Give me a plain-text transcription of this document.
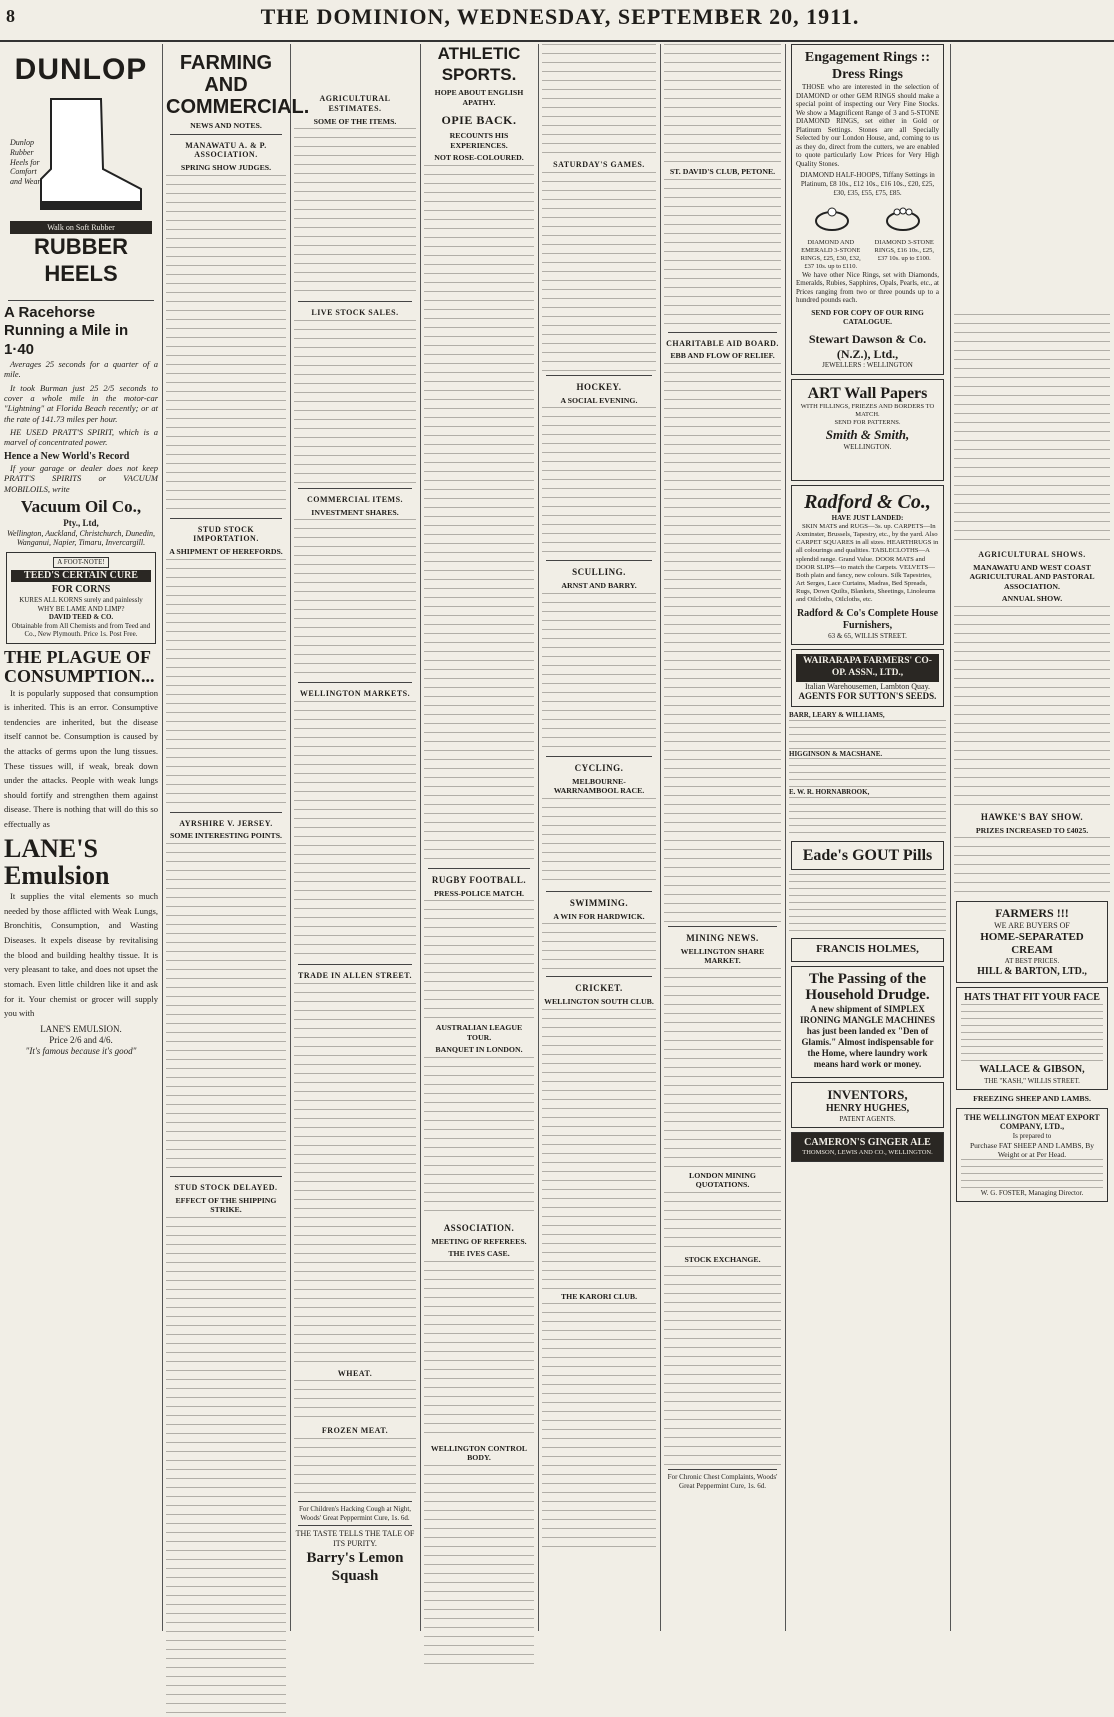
8	THE DOMINION, WEDNESDAY, SEPTEMBER 20, 1911.
DUNLOP
Dunlop Rubber Heels for Comfort and Wear.
Walk on Soft Rubber
RUBBER HEELS
A Racehorse Running a Mile in 1·40

Averages 25 seconds for a quarter of a mile.

It took Burman just 25 2/5 seconds to cover a whole mile in the motor-car "Lightning" at Florida Beach recently; or at the rate of 141.73 miles per hour.

HE USED PRATT'S SPIRIT, which is a marvel of concentrated power.

Hence a New World's Record

If your garage or dealer does not keep PRATT'S SPIRITS or VACUUM MOBILOILS, write

Vacuum Oil Co.,
Pty., Ltd,

Wellington, Auckland, Christchurch, Dunedin, Wanganui, Napier, Timaru, Invercargill.

A FOOT-NOTE!
TEED'S CERTAIN CURE
FOR CORNS
KURES ALL KORNS surely and painlessly WHY BE LAME AND LIMP?
DAVID TEED & CO.
Obtainable from All Chemists and from Teed and Co., New Plymouth. Price 1s. Post Free.
THE PLAGUE OF CONSUMPTION...

It is popularly supposed that consumption is inherited. This is an error. Consumptive tendencies are inherited, but the disease itself cannot be. Consumption is caused by the attacks of germs upon the lung tissues. These tissues will, if weak, break down under the attacks. People with weak lungs should fortify and strengthen them against disease. There is nothing that will do this so effectually as

LANE'S Emulsion

It supplies the vital elements so much needed by those afflicted with Weak Lungs, Bronchitis, Consumption, and Wasting Diseases. It expels disease by revitalising the blood and building healthy tissue. It is very pleasant to take, and does not upset the stomach. Even little children like it and ask for it. Your chemist or grocer will supply you with

LANE'S EMULSION.
Price 2/6 and 4/6.
"It's famous because it's good"
FARMING AND COMMERCIAL.
NEWS AND NOTES.
MANAWATU A. & P. ASSOCIATION.
SPRING SHOW JUDGES.
STUD STOCK IMPORTATION.
A SHIPMENT OF HEREFORDS.
AYRSHIRE V. JERSEY.
SOME INTERESTING POINTS.
STUD STOCK DELAYED.
EFFECT OF THE SHIPPING STRIKE.
AGRICULTURAL ESTIMATES.
SOME OF THE ITEMS.
LIVE STOCK SALES.
COMMERCIAL ITEMS.
INVESTMENT SHARES.
WELLINGTON MARKETS.
TRADE IN ALLEN STREET.
WHEAT.
FROZEN MEAT.
For Children's Hacking Cough at Night, Woods' Great Peppermint Cure, 1s. 6d.
THE TASTE TELLS THE TALE OF ITS PURITY.
Barry's Lemon Squash
ATHLETIC SPORTS.
HOPE ABOUT ENGLISH APATHY.
OPIE BACK.
RECOUNTS HIS EXPERIENCES.
NOT ROSE-COLOURED.
RUGBY FOOTBALL.
PRESS-POLICE MATCH.
AUSTRALIAN LEAGUE TOUR.
BANQUET IN LONDON.
ASSOCIATION.
MEETING OF REFEREES.
THE IVES CASE.
WELLINGTON CONTROL BODY.
SATURDAY'S GAMES.
HOCKEY.
A SOCIAL EVENING.
SCULLING.
ARNST AND BARRY.
CYCLING.
MELBOURNE-WARRNAMBOOL RACE.
SWIMMING.
A WIN FOR HARDWICK.
CRICKET.
WELLINGTON SOUTH CLUB.
THE KARORI CLUB.
ST. DAVID'S CLUB, PETONE.
CHARITABLE AID BOARD.
EBB AND FLOW OF RELIEF.
MINING NEWS.
WELLINGTON SHARE MARKET.
LONDON MINING QUOTATIONS.
STOCK EXCHANGE.
For Chronic Chest Complaints, Woods' Great Peppermint Cure, 1s. 6d.
Engagement Rings :: Dress Rings

THOSE who are interested in the selection of DIAMOND or other GEM RINGS should make a special point of inspecting our Very Fine Stocks. We show a Magnificent Range of 3 and 5-STONE DIAMOND RINGS, set either in Gold or Platinum Settings. Stones are all Specially Selected by our London House, and, coming to us as they do, direct from the cutters, we are enabled to quote particularly Low Prices for Very High Quality Stones.

DIAMOND HALF-HOOPS, Tiffany Settings in Platinum, £8 10s., £12 10s., £16 10s., £20, £25, £30, £35, £55, £75, £85.
DIAMOND AND EMERALD 3-STONE RINGS, £25, £30, £32, £37 10s. up to £110.
DIAMOND 3-STONE RINGS, £16 10s., £25, £37 10s. up to £100.

We have other Nice Rings, set with Diamonds, Emeralds, Rubies, Sapphires, Opals, Pearls, etc., at Prices ranging from two or three pounds up to a hundred pounds each.

SEND FOR COPY OF OUR RING CATALOGUE.
Stewart Dawson & Co. (N.Z.), Ltd.,
JEWELLERS : WELLINGTON
ART Wall Papers
WITH FILLINGS, FRIEZES AND BORDERS TO MATCH.
SEND FOR PATTERNS.
Smith & Smith,
WELLINGTON.
Radford & Co.,
HAVE JUST LANDED:

SKIN MATS and RUGS—3s. up. CARPETS—In Axminster, Brussels, Tapestry, etc., by the yard. Also CARPET SQUARES in all sizes. HEARTHRUGS in all colourings and qualities. TABLECLOTHS—A splendid range. Grand Value. DOOR MATS and DOOR SLIPS—to match the Carpets. VELVETS—Both plain and fancy, new colours. Silk Tapestries, Art Serges, Lace Curtains, Madras, Bed Spreads, Rugs, Down Quilts, Blankets, Sheetings, Linoleums and Oilcloths, Oilcloths, etc.

Radford & Co's Complete House Furnishers,
63 & 65, WILLIS STREET.
WAIRARAPA FARMERS' CO-OP. ASSN., LTD.,
Italian Warehousemen, Lambton Quay.
AGENTS FOR SUTTON'S SEEDS.
BARR, LEARY & WILLIAMS,
HIGGINSON & MACSHANE.
E. W. R. HORNABROOK,
Eade's GOUT Pills
FRANCIS HOLMES,
The Passing of the Household Drudge.

A new shipment of SIMPLEX IRONING MANGLE MACHINES has just been landed ex "Den of Glamis." Almost indispensable for the Home, where laundry work means hard work or money.

INVENTORS,
HENRY HUGHES,
PATENT AGENTS.
CAMERON'S GINGER ALE
THOMSON, LEWIS AND CO., WELLINGTON.
AGRICULTURAL SHOWS.
MANAWATU AND WEST COAST AGRICULTURAL AND PASTORAL ASSOCIATION.
ANNUAL SHOW.
HAWKE'S BAY SHOW.
PRIZES INCREASED TO £4025.
FARMERS !!!
WE ARE BUYERS OF
HOME-SEPARATED CREAM
AT BEST PRICES.
HILL & BARTON, LTD.,
HATS THAT FIT YOUR FACE
WALLACE & GIBSON,
THE "KASH," WILLIS STREET.
FREEZING SHEEP AND LAMBS.
THE WELLINGTON MEAT EXPORT COMPANY, LTD.,
Is prepared to
Purchase FAT SHEEP AND LAMBS, By Weight or at Per Head.
W. G. FOSTER, Managing Director.
